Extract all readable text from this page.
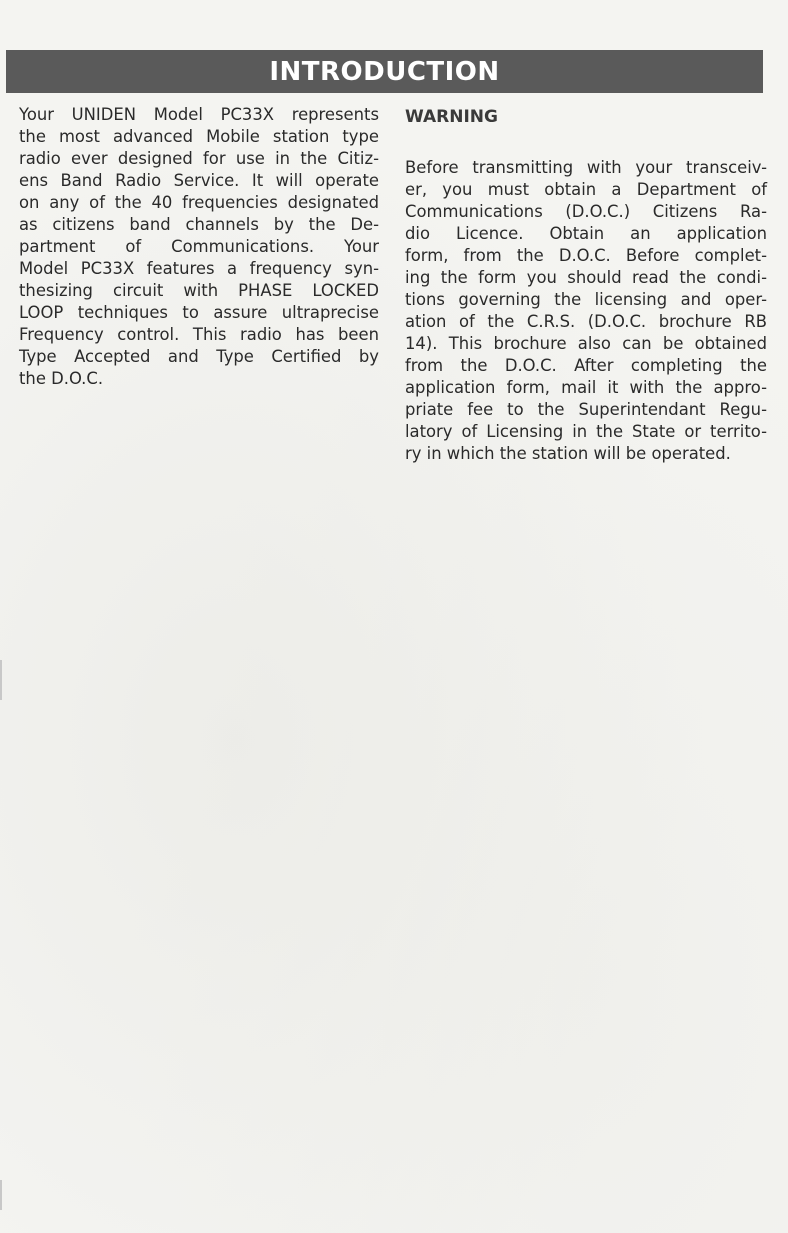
INTRODUCTION
Your UNIDEN Model PC33X represents
the most advanced Mobile station type
radio ever designed for use in the Citiz-
ens Band Radio Service. It will operate
on any of the 40 frequencies designated
as citizens band channels by the De-
partment of Communications. Your
Model PC33X features a frequency syn-
thesizing circuit with PHASE LOCKED
LOOP techniques to assure ultraprecise
Frequency control. This radio has been
Type Accepted and Type Certified by
the D.O.C.
WARNING
Before transmitting with your transceiv-
er, you must obtain a Department of
Communications (D.O.C.) Citizens Ra-
dio Licence. Obtain an application
form, from the D.O.C. Before complet-
ing the form you should read the condi-
tions governing the licensing and oper-
ation of the C.R.S. (D.O.C. brochure RB
14). This brochure also can be obtained
from the D.O.C. After completing the
application form, mail it with the appro-
priate fee to the Superintendant Regu-
latory of Licensing in the State or territo-
ry in which the station will be operated.
